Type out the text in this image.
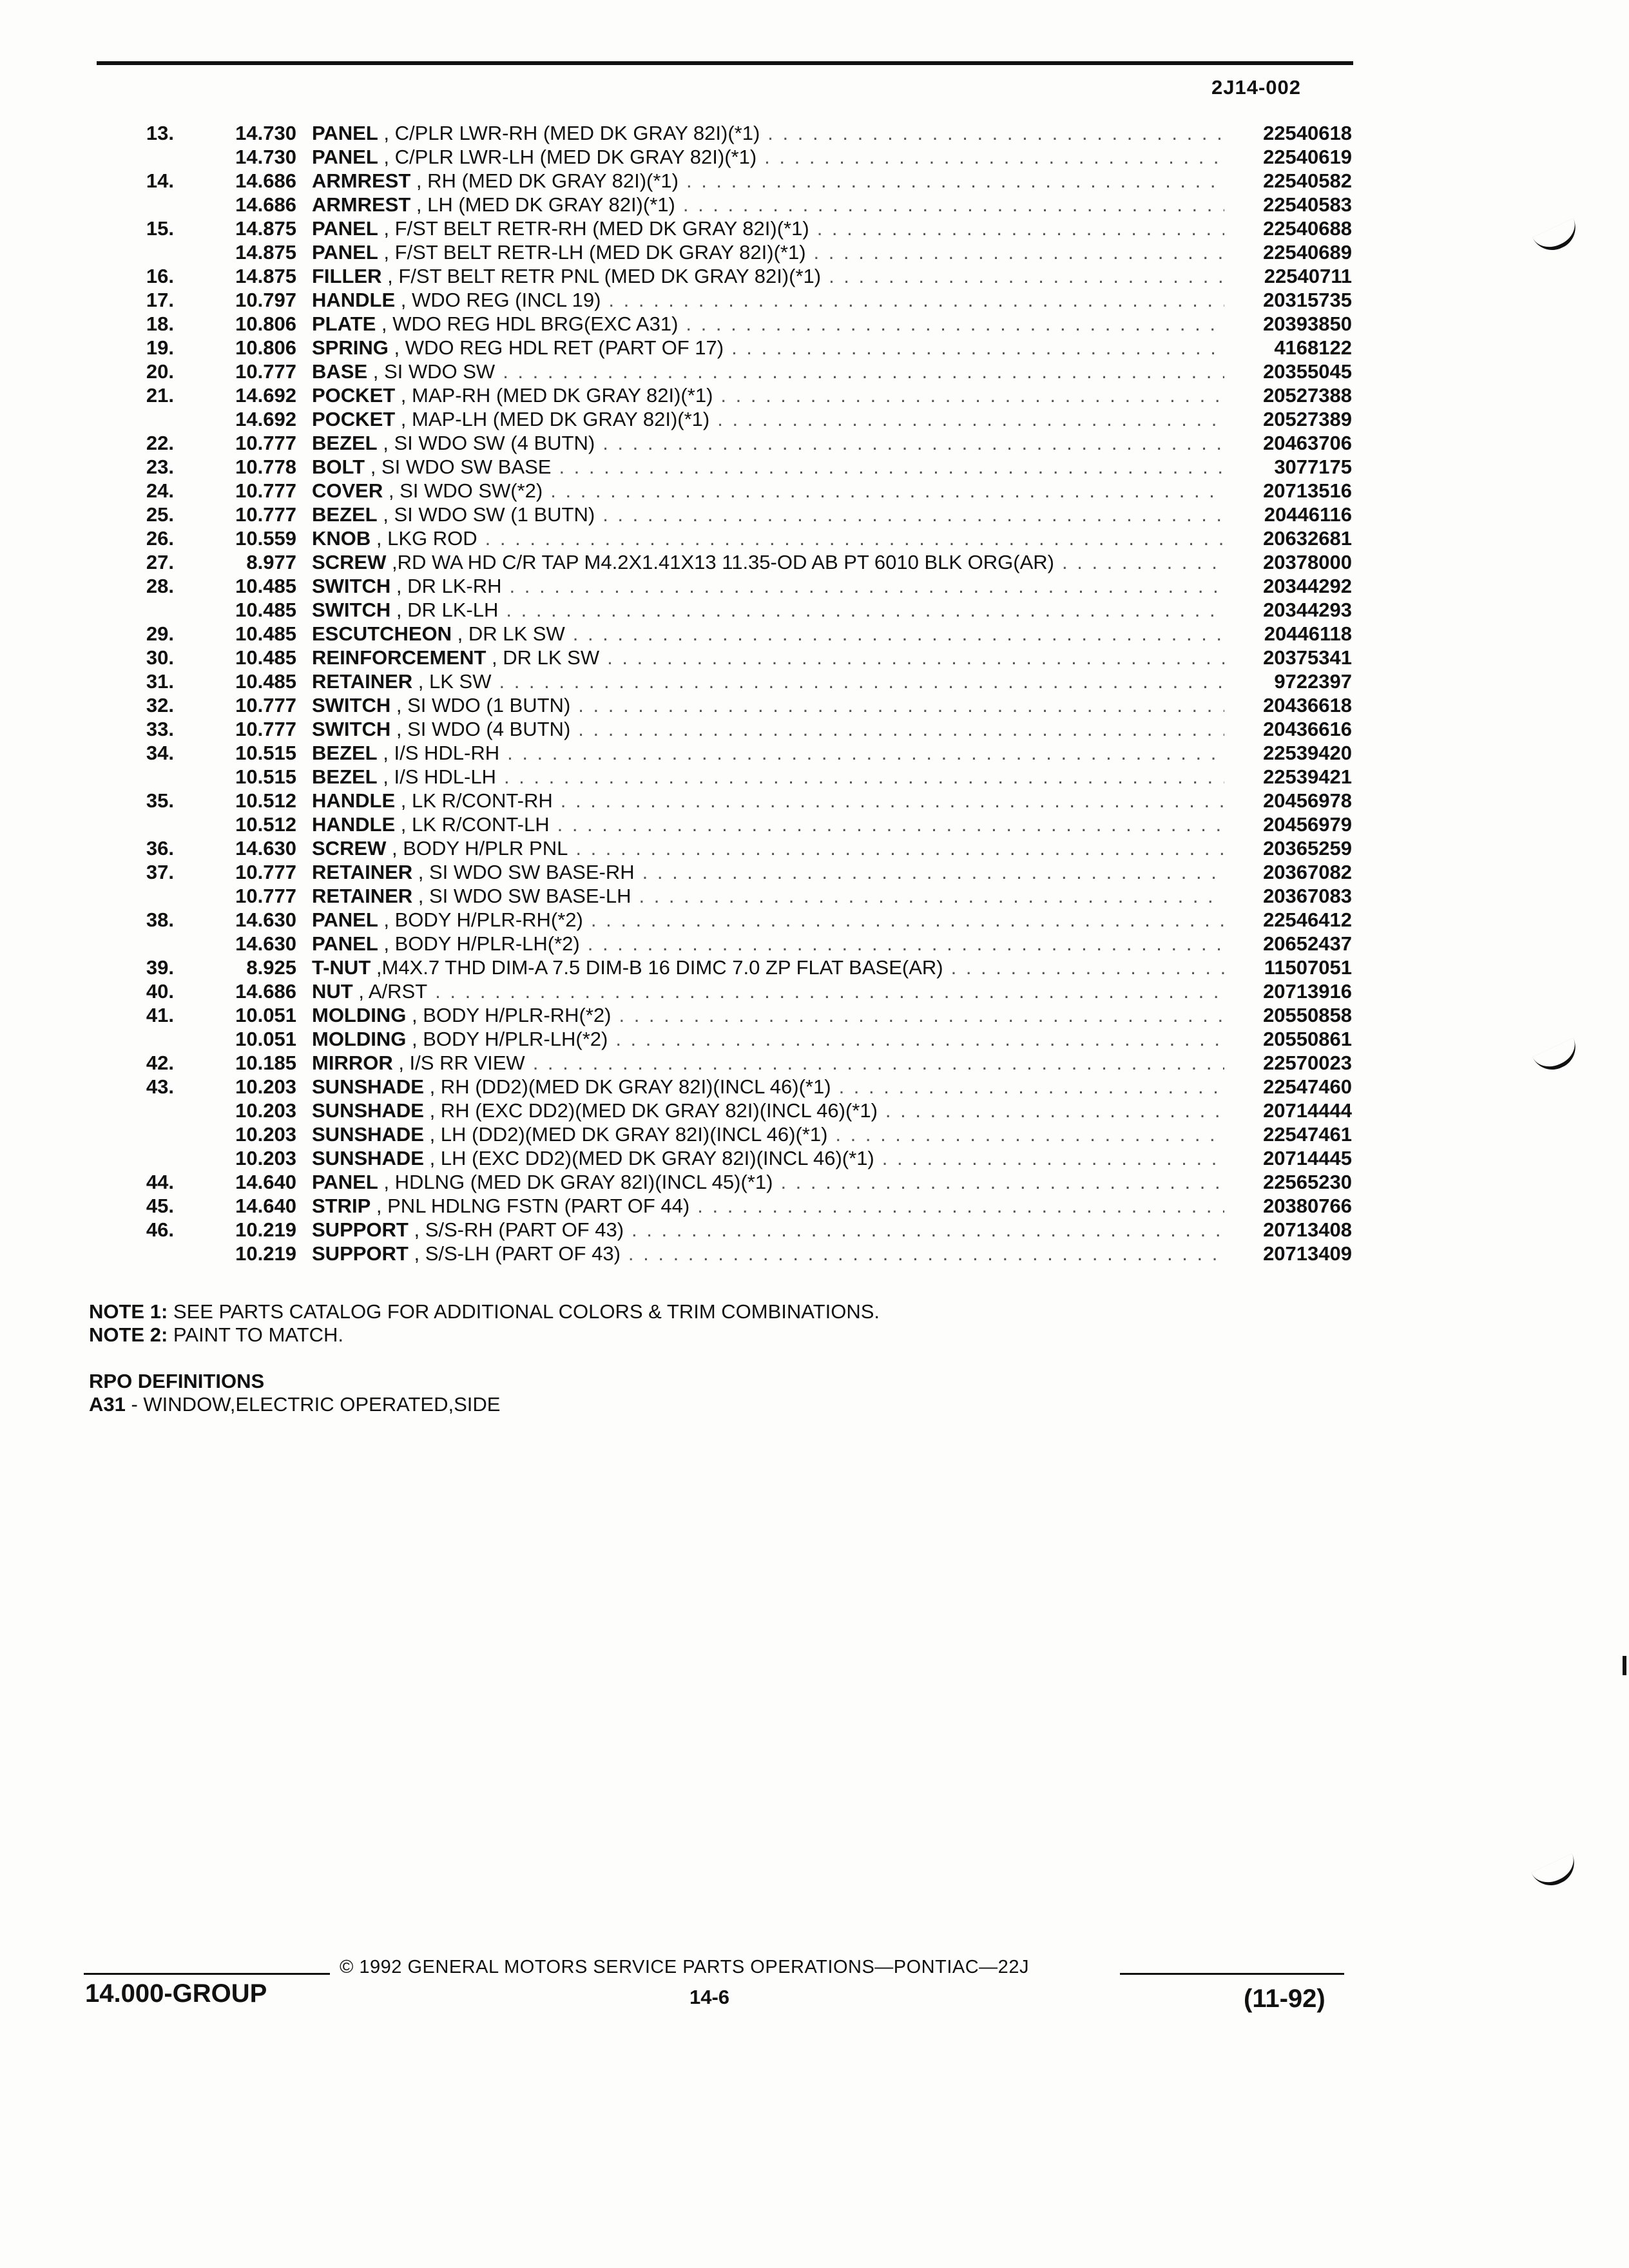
2J14-002
13.	14.730 PANEL , C/PLR LWR-RH (MED DK GRAY 82I)(*1) . . .	22540618
14.730 PANEL , C/PLR LWR-LH (MED DK GRAY 82I)(*1) . . .	22540619
14.	14.686 ARMREST , RH (MED DK GRAY 82I)(*1) . . .	22540582
14.686 ARMREST , LH (MED DK GRAY 82I)(*1) . . .	22540583
15.	14.875 PANEL , F/ST BELT RETR-RH (MED DK GRAY 82I)(*1) . . .	22540688
14.875 PANEL , F/ST BELT RETR-LH (MED DK GRAY 82I)(*1) . . .	22540689
16.	14.875 FILLER , F/ST BELT RETR PNL (MED DK GRAY 82I)(*1) . . .	22540711
17.	10.797 HANDLE , WDO REG (INCL 19) . . .	20315735
18.	10.806 PLATE , WDO REG HDL BRG(EXC A31) . . .	20393850
19.	10.806 SPRING , WDO REG HDL RET (PART OF 17) . . .	4168122
20.	10.777 BASE , SI WDO SW . . .	20355045
21.	14.692 POCKET , MAP-RH (MED DK GRAY 82I)(*1) . . .	20527388
14.692 POCKET , MAP-LH (MED DK GRAY 82I)(*1) . . .	20527389
22.	10.777 BEZEL , SI WDO SW (4 BUTN) . . .	20463706
23.	10.778 BOLT , SI WDO SW BASE . . .	3077175
24.	10.777 COVER , SI WDO SW(*2) . . .	20713516
25.	10.777 BEZEL , SI WDO SW (1 BUTN) . . .	20446116
26.	10.559 KNOB , LKG ROD . . .	20632681
27.	8.977 SCREW ,RD WA HD C/R TAP M4.2X1.41X13 11.35-OD AB PT 6010 BLK ORG(AR) . . .	20378000
28.	10.485 SWITCH , DR LK-RH . . .	20344292
10.485 SWITCH , DR LK-LH . . .	20344293
29.	10.485 ESCUTCHEON , DR LK SW . . .	20446118
30.	10.485 REINFORCEMENT , DR LK SW . . .	20375341
31.	10.485 RETAINER , LK SW . . .	9722397
32.	10.777 SWITCH , SI WDO (1 BUTN) . . .	20436618
33.	10.777 SWITCH , SI WDO (4 BUTN) . . .	20436616
34.	10.515 BEZEL , I/S HDL-RH . . .	22539420
10.515 BEZEL , I/S HDL-LH . . .	22539421
35.	10.512 HANDLE , LK R/CONT-RH . . .	20456978
10.512 HANDLE , LK R/CONT-LH . . .	20456979
36.	14.630 SCREW , BODY H/PLR PNL . . .	20365259
37.	10.777 RETAINER , SI WDO SW BASE-RH . . .	20367082
10.777 RETAINER , SI WDO SW BASE-LH . . .	20367083
38.	14.630 PANEL , BODY H/PLR-RH(*2) . . .	22546412
14.630 PANEL , BODY H/PLR-LH(*2) . . .	20652437
39.	8.925 T-NUT ,M4X.7 THD DIM-A 7.5 DIM-B 16 DIMC 7.0 ZP FLAT BASE(AR) . . .	11507051
40.	14.686 NUT , A/RST . . .	20713916
41.	10.051 MOLDING , BODY H/PLR-RH(*2) . . .	20550858
10.051 MOLDING , BODY H/PLR-LH(*2) . . .	20550861
42.	10.185 MIRROR , I/S RR VIEW . . .	22570023
43.	10.203 SUNSHADE , RH (DD2)(MED DK GRAY 82I)(INCL 46)(*1) . . .	22547460
10.203 SUNSHADE , RH (EXC DD2)(MED DK GRAY 82I)(INCL 46)(*1) . . .	20714444
10.203 SUNSHADE , LH (DD2)(MED DK GRAY 82I)(INCL 46)(*1) . . .	22547461
10.203 SUNSHADE , LH (EXC DD2)(MED DK GRAY 82I)(INCL 46)(*1) . . .	20714445
44.	14.640 PANEL , HDLNG (MED DK GRAY 82I)(INCL 45)(*1) . . .	22565230
45.	14.640 STRIP , PNL HDLNG FSTN (PART OF 44) . . .	20380766
46.	10.219 SUPPORT , S/S-RH (PART OF 43) . . .	20713408
10.219 SUPPORT , S/S-LH (PART OF 43) . . .	20713409
NOTE 1: SEE PARTS CATALOG FOR ADDITIONAL COLORS & TRIM COMBINATIONS.
NOTE 2: PAINT TO MATCH.
RPO DEFINITIONS
A31 - WINDOW,ELECTRIC OPERATED,SIDE
© 1992 GENERAL MOTORS SERVICE PARTS OPERATIONS—PONTIAC—22J
14.000-GROUP	14-6	(11-92)
